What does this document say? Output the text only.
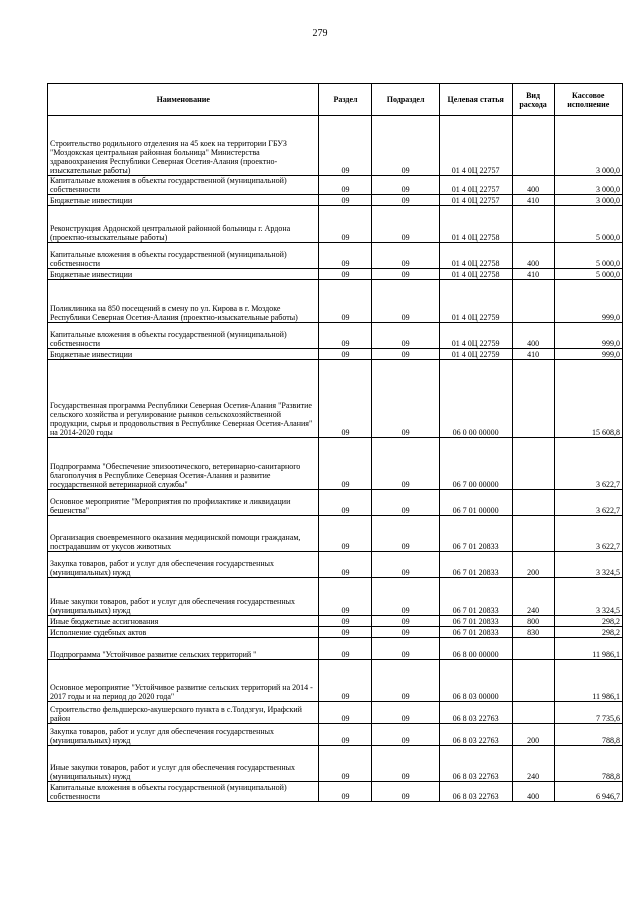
279
Наименование	Раздел	Подраздел	Целевая статья	Вид расхода	Кассовое исполнение
Строительство родильного отделения на 45 коек на территории ГБУЗ "Моздокская центральная районная больница" Министерства здравоохранения Республики Северная Осетия-Алания (проектно-изыскательные работы)	09	09	01 4 0Ц 22757		3 000,0
Капитальные вложения в объекты государственной (муниципальной) собственности	09	09	01 4 0Ц 22757	400	3 000,0
Бюджетные инвестиции	09	09	01 4 0Ц 22757	410	3 000,0
Реконструкция Ардонской центральной районной больницы г. Ардона (проектно-изыскательные работы)	09	09	01 4 0Ц 22758		5 000,0
Капитальные вложения в объекты государственной (муниципальной) собственности	09	09	01 4 0Ц 22758	400	5 000,0
Бюджетные инвестиции	09	09	01 4 0Ц 22758	410	5 000,0
Поликлиника на 850 посещений в смену по ул. Кирова в г. Моздоке Республики Северная Осетия-Алания (проектно-изыскательные работы)	09	09	01 4 0Ц 22759		999,0
Капитальные вложения в объекты государственной (муниципальной) собственности	09	09	01 4 0Ц 22759	400	999,0
Бюджетные инвестиции	09	09	01 4 0Ц 22759	410	999,0
Государственная программа Республики Северная Осетия-Алания "Развитие сельского хозяйства и регулирование рынков сельскохозяйственной продукции, сырья и продовольствия в Республике Северная Осетия-Алания" на 2014-2020 годы	09	09	06 0 00 00000		15 608,8
Подпрограмма "Обеспечение эпизоотического, ветеринарно-санитарного благополучия в Республике Северная Осетия-Алания и развитие государственной ветеринарной службы"	09	09	06 7 00 00000		3 622,7
Основное мероприятие "Мероприятия по профилактике и ликвидации бешенства"	09	09	06 7 01 00000		3 622,7
Организация своевременного оказания медицинской помощи гражданам, пострадавшим от укусов животных	09	09	06 7 01 20833		3 622,7
Закупка товаров, работ и услуг для обеспечения государственных (муниципальных) нужд	09	09	06 7 01 20833	200	3 324,5
Иные закупки товаров, работ и услуг для обеспечения государственных (муниципальных) нужд	09	09	06 7 01 20833	240	3 324,5
Иные бюджетные ассигнования	09	09	06 7 01 20833	800	298,2
Исполнение судебных актов	09	09	06 7 01 20833	830	298,2
Подпрограмма "Устойчивое развитие сельских территорий "	09	09	06 8 00 00000		11 986,1
Основное мероприятие "Устойчивое развитие сельских территорий на 2014 - 2017 годы и на период до 2020 года"	09	09	06 8 03 00000		11 986,1
Строительство фельдшерско-акушерского пункта в с.Толдзгун, Ирафский район	09	09	06 8 03 22763		7 735,6
Закупка товаров, работ и услуг для обеспечения государственных (муниципальных) нужд	09	09	06 8 03 22763	200	788,8
Иные закупки товаров, работ и услуг для обеспечения государственных (муниципальных) нужд	09	09	06 8 03 22763	240	788,8
Капитальные вложения в объекты государственной (муниципальной) собственности	09	09	06 8 03 22763	400	6 946,7
